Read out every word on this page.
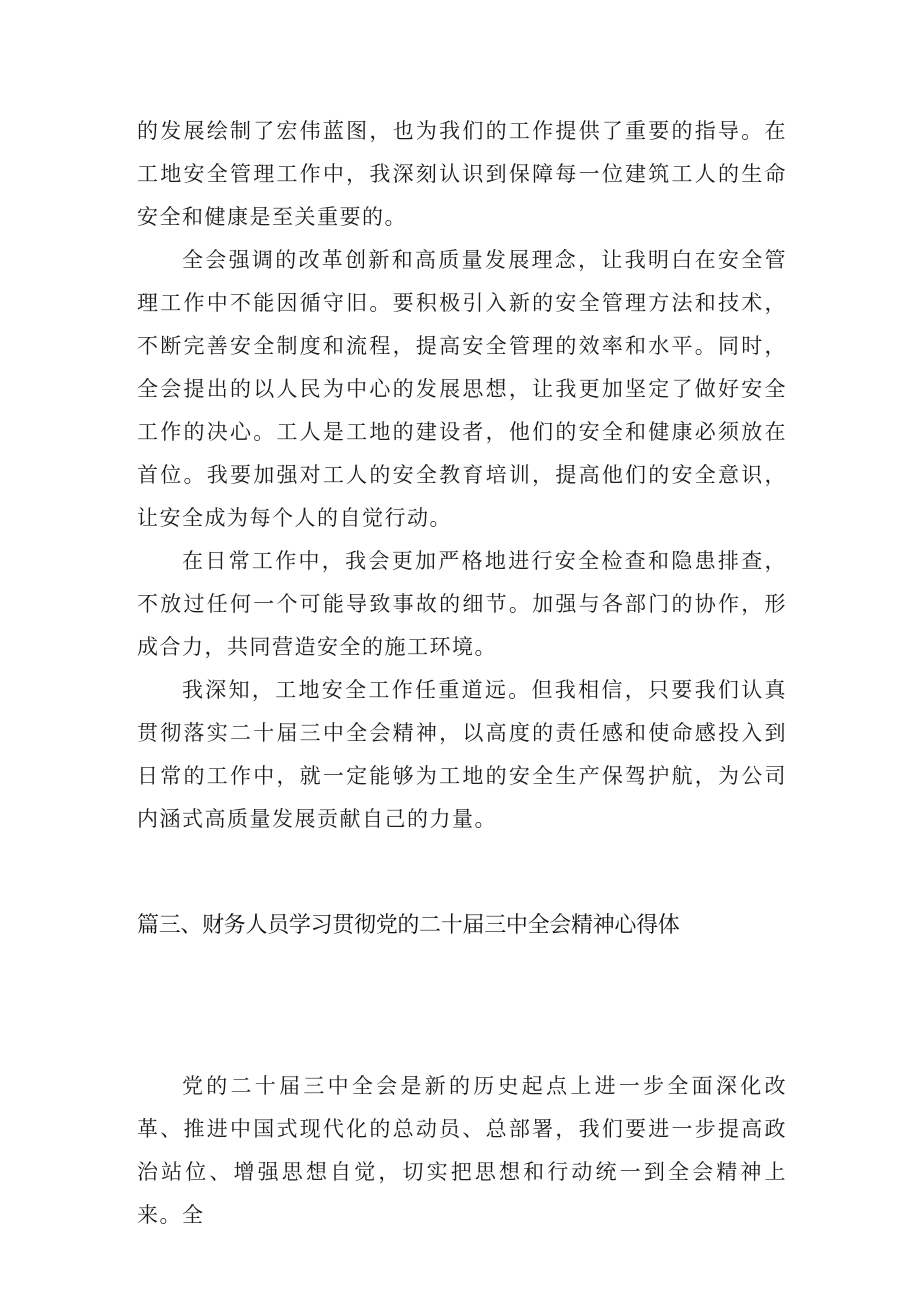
的发展绘制了宏伟蓝图，也为我们的工作提供了重要的指导。在工地安全管理工作中，我深刻认识到保障每一位建筑工人的生命安全和健康是至关重要的。

全会强调的改革创新和高质量发展理念，让我明白在安全管理工作中不能因循守旧。要积极引入新的安全管理方法和技术，不断完善安全制度和流程，提高安全管理的效率和水平。同时，全会提出的以人民为中心的发展思想，让我更加坚定了做好安全工作的决心。工人是工地的建设者，他们的安全和健康必须放在首位。我要加强对工人的安全教育培训，提高他们的安全意识，让安全成为每个人的自觉行动。

在日常工作中，我会更加严格地进行安全检查和隐患排查，不放过任何一个可能导致事故的细节。加强与各部门的协作，形成合力，共同营造安全的施工环境。

我深知，工地安全工作任重道远。但我相信，只要我们认真贯彻落实二十届三中全会精神，以高度的责任感和使命感投入到日常的工作中，就一定能够为工地的安全生产保驾护航，为公司内涵式高质量发展贡献自己的力量。

篇三、财务人员学习贯彻党的二十届三中全会精神心得体

党的二十届三中全会是新的历史起点上进一步全面深化改革、推进中国式现代化的总动员、总部署，我们要进一步提高政治站位、增强思想自觉，切实把思想和行动统一到全会精神上来。全
